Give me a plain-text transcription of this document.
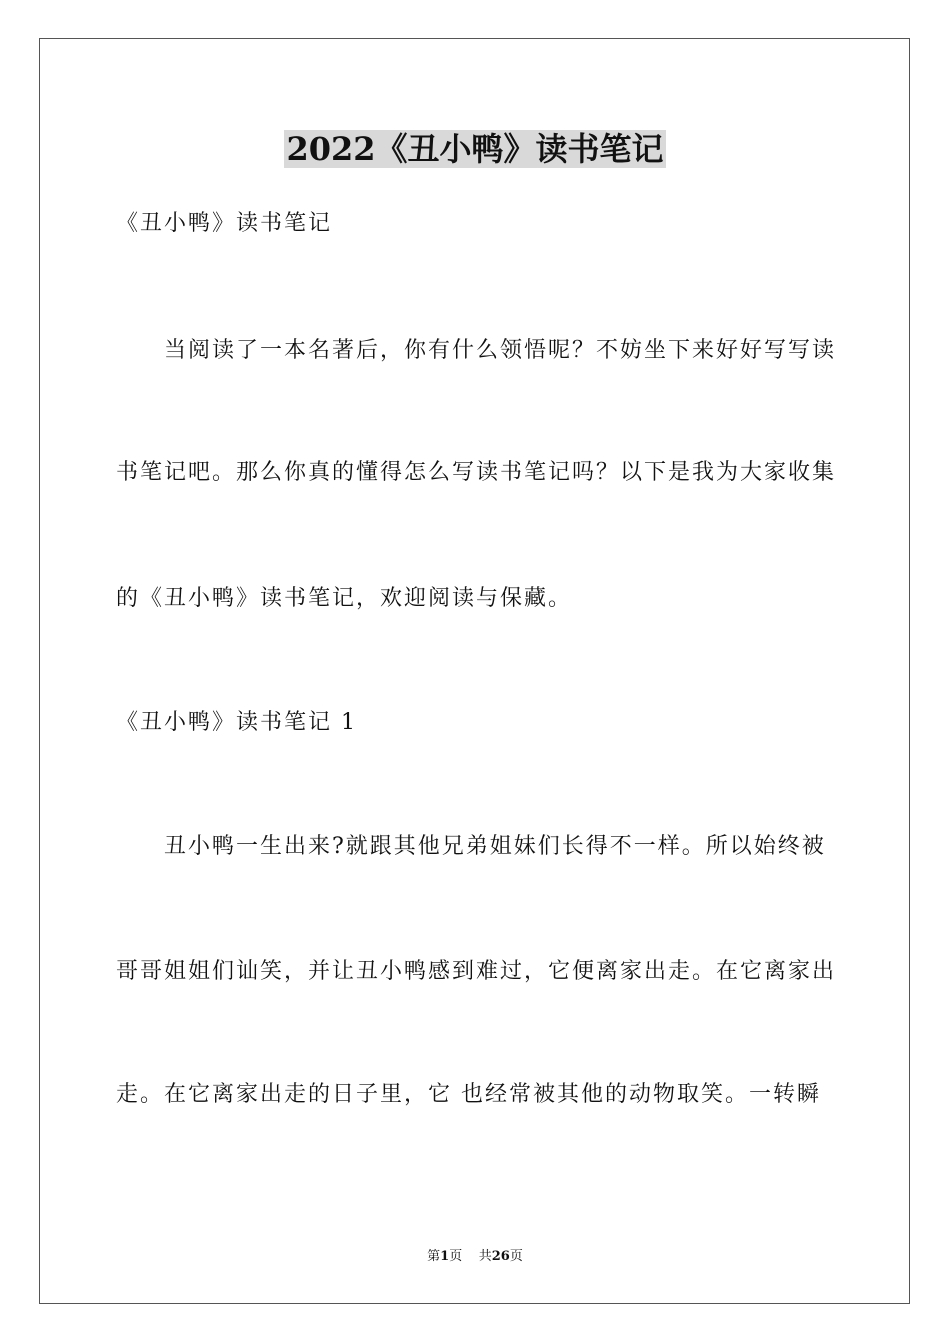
2022《丑小鸭》读书笔记
《丑小鸭》读书笔记
当阅读了一本名著后，你有什么领悟呢？不妨坐下来好好写写读
书笔记吧。那么你真的懂得怎么写读书笔记吗？以下是我为大家收集
的《丑小鸭》读书笔记，欢迎阅读与保藏。
《丑小鸭》读书笔记 1
丑小鸭一生出来?就跟其他兄弟姐妹们长得不一样。所以始终被
哥哥姐姐们讪笑，并让丑小鸭感到难过，它便离家出走。在它离家出
走。在它离家出走的日子里，它 也经常被其他的动物取笑。一转瞬
第1页 共26页
